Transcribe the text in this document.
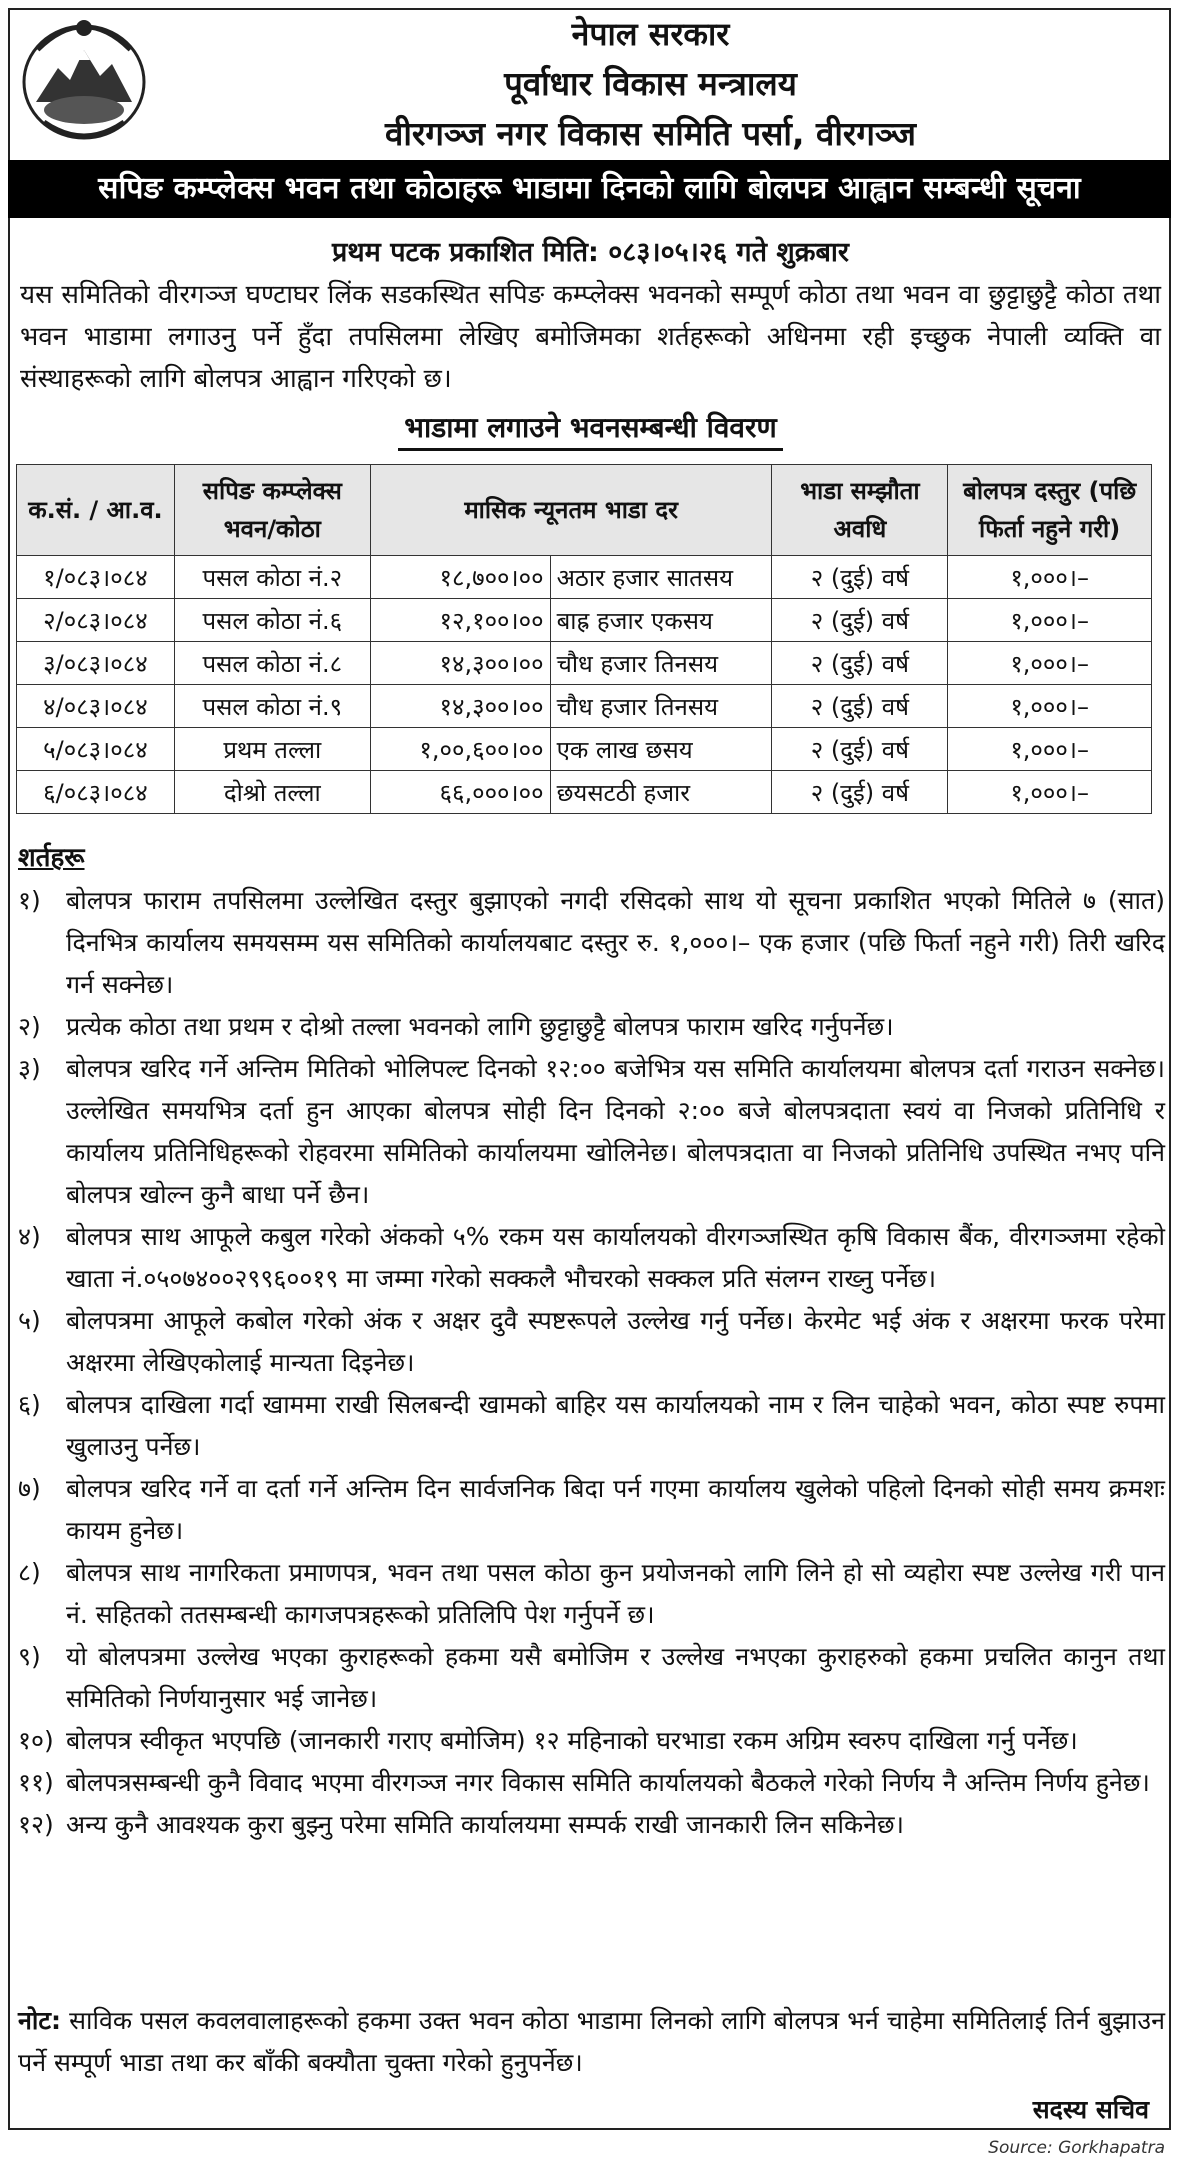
नेपाल सरकार
पूर्वाधार विकास मन्त्रालय
वीरगञ्ज नगर विकास समिति पर्सा, वीरगञ्ज
सपिङ कम्प्लेक्स भवन तथा कोठाहरू भाडामा दिनको लागि बोलपत्र आह्वान सम्बन्धी सूचना
प्रथम पटक प्रकाशित मिति: ०८३।०५।२६ गते शुक्रबार
यस समितिको वीरगञ्ज घण्टाघर लिंक सडकस्थित सपिङ कम्प्लेक्स भवनको सम्पूर्ण कोठा तथा भवन वा छुट्टाछुट्टै कोठा तथा भवन भाडामा लगाउनु पर्ने हुँदा तपसिलमा लेखिए बमोजिमका शर्तहरूको अधिनमा रही इच्छुक नेपाली व्यक्ति वा संस्थाहरूको लागि बोलपत्र आह्वान गरिएको छ।
भाडामा लगाउने भवनसम्बन्धी विवरण
क.सं. / आ.व.	सपिङ कम्प्लेक्स भवन/कोठा	मासिक न्यूनतम भाडा दर		भाडा सम्झौता अवधि	बोलपत्र दस्तुर (पछि फिर्ता नहुने गरी)
१/०८३।०८४	पसल कोठा नं.२	१८,७००।००	अठार हजार सातसय	२ (दुई) वर्ष	१,०००।–
२/०८३।०८४	पसल कोठा नं.६	१२,१००।००	बाह्र हजार एकसय	२ (दुई) वर्ष	१,०००।–
३/०८३।०८४	पसल कोठा नं.८	१४,३००।००	चौध हजार तिनसय	२ (दुई) वर्ष	१,०००।–
४/०८३।०८४	पसल कोठा नं.९	१४,३००।००	चौध हजार तिनसय	२ (दुई) वर्ष	१,०००।–
५/०८३।०८४	प्रथम तल्ला	१,००,६००।००	एक लाख छसय	२ (दुई) वर्ष	१,०००।–
६/०८३।०८४	दोश्रो तल्ला	६६,०००।००	छयसटठी हजार	२ (दुई) वर्ष	१,०००।–
शर्तहरू
१)	बोलपत्र फाराम तपसिलमा उल्लेखित दस्तुर बुझाएको नगदी रसिदको साथ यो सूचना प्रकाशित भएको मितिले ७ (सात) दिनभित्र कार्यालय समयसम्म यस समितिको कार्यालयबाट दस्तुर रु. १,०००।– एक हजार (पछि फिर्ता नहुने गरी) तिरी खरिद गर्न सक्नेछ।
२)	प्रत्येक कोठा तथा प्रथम र दोश्रो तल्ला भवनको लागि छुट्टाछुट्टै बोलपत्र फाराम खरिद गर्नुपर्नेछ।
३)	बोलपत्र खरिद गर्ने अन्तिम मितिको भोलिपल्ट दिनको १२:०० बजेभित्र यस समिति कार्यालयमा बोलपत्र दर्ता गराउन सक्नेछ। उल्लेखित समयभित्र दर्ता हुन आएका बोलपत्र सोही दिन दिनको २:०० बजे बोलपत्रदाता स्वयं वा निजको प्रतिनिधि र कार्यालय प्रतिनिधिहरूको रोहवरमा समितिको कार्यालयमा खोलिनेछ। बोलपत्रदाता वा निजको प्रतिनिधि उपस्थित नभए पनि बोलपत्र खोल्न कुनै बाधा पर्ने छैन।
४)	बोलपत्र साथ आफूले कबुल गरेको अंकको ५% रकम यस कार्यालयको वीरगञ्जस्थित कृषि विकास बैंक, वीरगञ्जमा रहेको खाता नं.०५०७४००२९९६००१९ मा जम्मा गरेको सक्कलै भौचरको सक्कल प्रति संलग्न राख्नु पर्नेछ।
५)	बोलपत्रमा आफूले कबोल गरेको अंक र अक्षर दुवै स्पष्टरूपले उल्लेख गर्नु पर्नेछ। केरमेट भई अंक र अक्षरमा फरक परेमा अक्षरमा लेखिएकोलाई मान्यता दिइनेछ।
६)	बोलपत्र दाखिला गर्दा खाममा राखी सिलबन्दी खामको बाहिर यस कार्यालयको नाम र लिन चाहेको भवन, कोठा स्पष्ट रुपमा खुलाउनु पर्नेछ।
७)	बोलपत्र खरिद गर्ने वा दर्ता गर्ने अन्तिम दिन सार्वजनिक बिदा पर्न गएमा कार्यालय खुलेको पहिलो दिनको सोही समय क्रमशः कायम हुनेछ।
८)	बोलपत्र साथ नागरिकता प्रमाणपत्र, भवन तथा पसल कोठा कुन प्रयोजनको लागि लिने हो सो व्यहोरा स्पष्ट उल्लेख गरी पान नं. सहितको ततसम्बन्धी कागजपत्रहरूको प्रतिलिपि पेश गर्नुपर्ने छ।
९)	यो बोलपत्रमा उल्लेख भएका कुराहरूको हकमा यसै बमोजिम र उल्लेख नभएका कुराहरुको हकमा प्रचलित कानुन तथा समितिको निर्णयानुसार भई जानेछ।
१०) बोलपत्र स्वीकृत भएपछि (जानकारी गराए बमोजिम) १२ महिनाको घरभाडा रकम अग्रिम स्वरुप दाखिला गर्नु पर्नेछ।
११) बोलपत्रसम्बन्धी कुनै विवाद भएमा वीरगञ्ज नगर विकास समिति कार्यालयको बैठकले गरेको निर्णय नै अन्तिम निर्णय हुनेछ।
१२) अन्य कुनै आवश्यक कुरा बुझ्नु परेमा समिति कार्यालयमा सम्पर्क राखी जानकारी लिन सकिनेछ।
नोट: साविक पसल कवलवालाहरूको हकमा उक्त भवन कोठा भाडामा लिनको लागि बोलपत्र भर्न चाहेमा समितिलाई तिर्न बुझाउन पर्ने सम्पूर्ण भाडा तथा कर बाँकी बक्यौता चुक्ता गरेको हुनुपर्नेछ।
सदस्य सचिव
Source: Gorkhapatra
